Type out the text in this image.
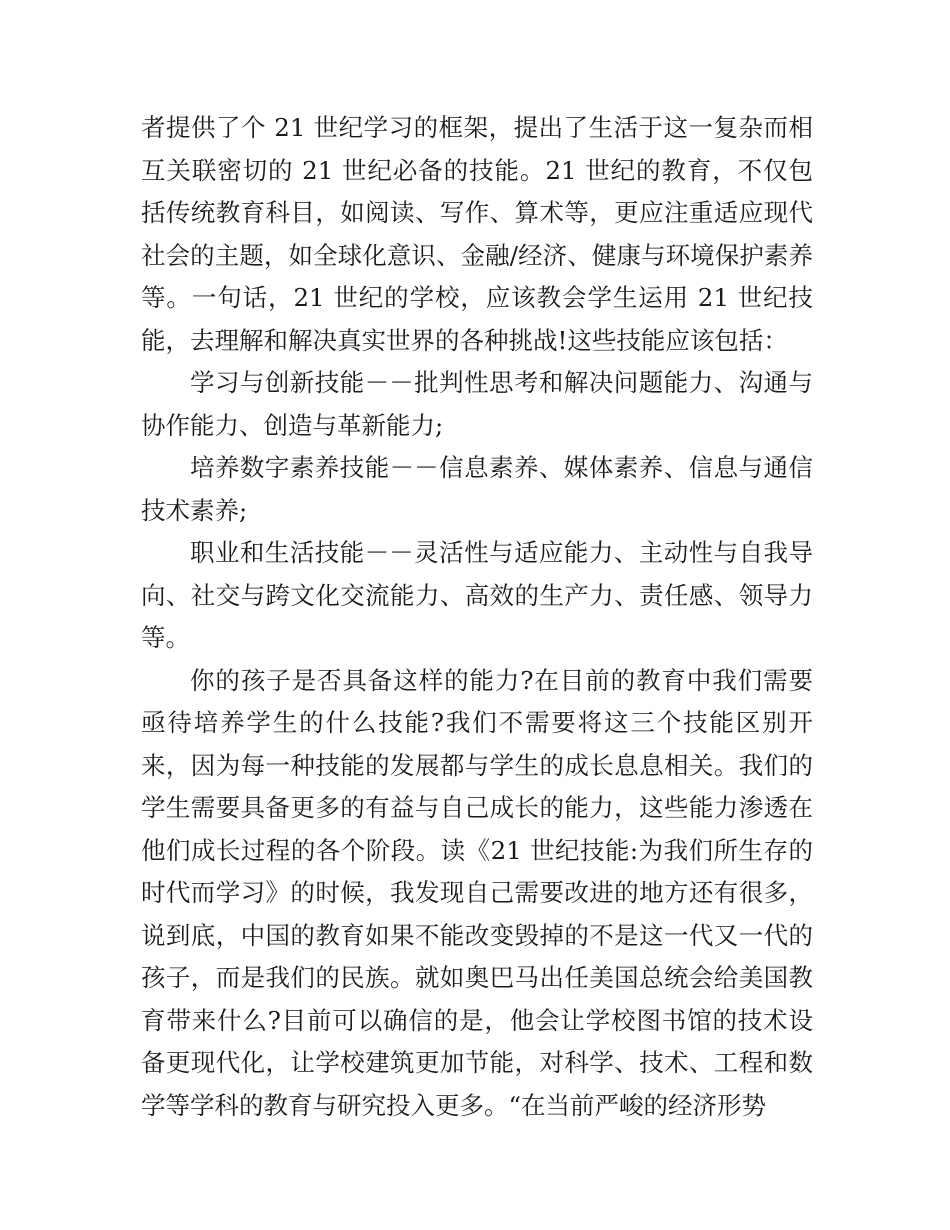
者提供了个 21 世纪学习的框架，提出了生活于这一复杂而相互关联密切的 21 世纪必备的技能。21 世纪的教育，不仅包括传统教育科目，如阅读、写作、算术等，更应注重适应现代社会的主题，如全球化意识、金融/经济、健康与环境保护素养等。一句话，21 世纪的学校，应该教会学生运用 21 世纪技能，去理解和解决真实世界的各种挑战!这些技能应该包括：

学习与创新技能－－批判性思考和解决问题能力、沟通与协作能力、创造与革新能力;

培养数字素养技能－－信息素养、媒体素养、信息与通信技术素养;

职业和生活技能－－灵活性与适应能力、主动性与自我导向、社交与跨文化交流能力、高效的生产力、责任感、领导力等。

你的孩子是否具备这样的能力?在目前的教育中我们需要亟待培养学生的什么技能?我们不需要将这三个技能区别开来，因为每一种技能的发展都与学生的成长息息相关。我们的学生需要具备更多的有益与自己成长的能力，这些能力渗透在他们成长过程的各个阶段。读《21 世纪技能:为我们所生存的时代而学习》的时候，我发现自己需要改进的地方还有很多，说到底，中国的教育如果不能改变毁掉的不是这一代又一代的孩子，而是我们的民族。就如奥巴马出任美国总统会给美国教育带来什么?目前可以确信的是，他会让学校图书馆的技术设备更现代化，让学校建筑更加节能，对科学、技术、工程和数学等学科的教育与研究投入更多。“在当前严峻的经济形势
